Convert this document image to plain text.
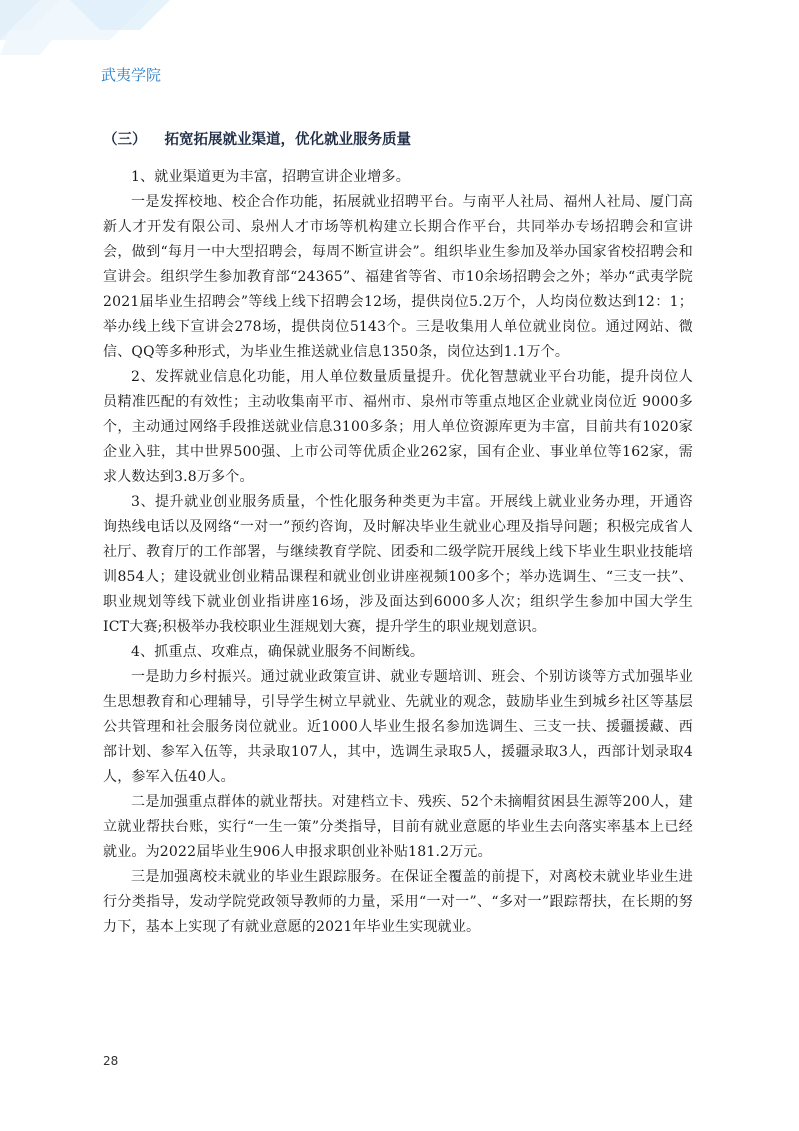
武夷学院
（三） 拓宽拓展就业渠道，优化就业服务质量

1、就业渠道更为丰富，招聘宣讲企业增多。

一是发挥校地、校企合作功能，拓展就业招聘平台。与南平人社局、福州人社局、厦门高新人才开发有限公司、泉州人才市场等机构建立长期合作平台，共同举办专场招聘会和宣讲会，做到“每月一中大型招聘会，每周不断宣讲会”。组织毕业生参加及举办国家省校招聘会和宣讲会。组织学生参加教育部“24365”、福建省等省、市10余场招聘会之外；举办“武夷学院2021届毕业生招聘会”等线上线下招聘会12场，提供岗位5.2万个，人均岗位数达到12：1；举办线上线下宣讲会278场，提供岗位5143个。三是收集用人单位就业岗位。通过网站、微信、QQ等多种形式，为毕业生推送就业信息1350条，岗位达到1.1万个。

2、发挥就业信息化功能，用人单位数量质量提升。优化智慧就业平台功能，提升岗位人员精准匹配的有效性；主动收集南平市、福州市、泉州市等重点地区企业就业岗位近 9000多个，主动通过网络手段推送就业信息3100多条；用人单位资源库更为丰富，目前共有1020家企业入驻，其中世界500强、上市公司等优质企业262家，国有企业、事业单位等162家，需求人数达到3.8万多个。

3、提升就业创业服务质量，个性化服务种类更为丰富。开展线上就业业务办理，开通咨询热线电话以及网络“一对一”预约咨询，及时解决毕业生就业心理及指导问题；积极完成省人社厅、教育厅的工作部署，与继续教育学院、团委和二级学院开展线上线下毕业生职业技能培训854人；建设就业创业精品课程和就业创业讲座视频100多个；举办选调生、“三支一扶”、职业规划等线下就业创业指讲座16场，涉及面达到6000多人次；组织学生参加中国大学生ICT大赛;积极举办我校职业生涯规划大赛，提升学生的职业规划意识。

4、抓重点、攻难点，确保就业服务不间断线。

一是助力乡村振兴。通过就业政策宣讲、就业专题培训、班会、个别访谈等方式加强毕业生思想教育和心理辅导，引导学生树立早就业、先就业的观念，鼓励毕业生到城乡社区等基层公共管理和社会服务岗位就业。近1000人毕业生报名参加选调生、三支一扶、援疆援藏、西部计划、参军入伍等，共录取107人，其中，选调生录取5人，援疆录取3人，西部计划录取4人，参军入伍40人。

二是加强重点群体的就业帮扶。对建档立卡、残疾、52个未摘帽贫困县生源等200人，建立就业帮扶台账，实行“一生一策”分类指导，目前有就业意愿的毕业生去向落实率基本上已经就业。为2022届毕业生906人申报求职创业补贴181.2万元。

三是加强离校未就业的毕业生跟踪服务。在保证全覆盖的前提下，对离校未就业毕业生进行分类指导，发动学院党政领导教师的力量，采用“一对一”、“多对一”跟踪帮扶，在长期的努力下，基本上实现了有就业意愿的2021年毕业生实现就业。

28
